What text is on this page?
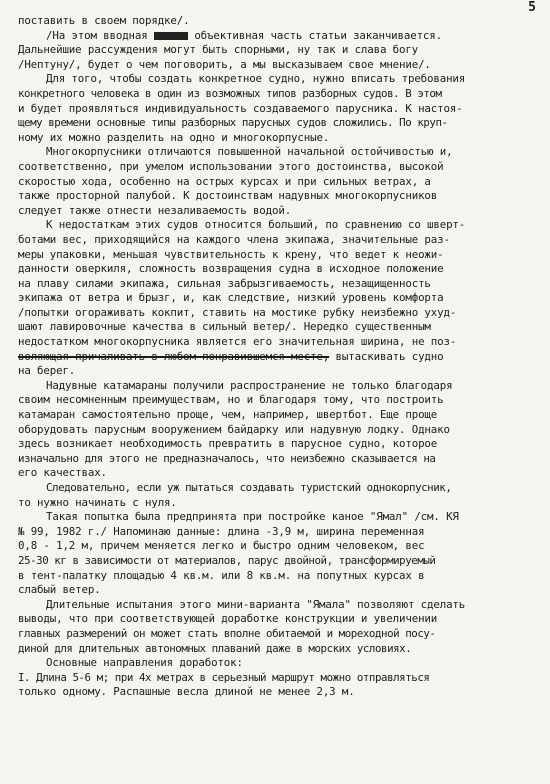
5

поставить в своем порядке/.

/На этом вводная	объективная часть статьи заканчивается.
Дальнейшие рассуждения могут быть спорными, ну так и слава богу
/Нептуну/, будет о чем поговорить, а мы высказываем свое мнение/.

Для того, чтобы создать конкретное судно, нужно вписать требования
конкретного человека в один из возможных типов разборных судов. В этом
и будет проявляться индивидуальность создаваемого парусника. К настоя-
щему времени основные типы разборных парусных судов сложились. По круп-
ному их можно разделить на одно и многокорпусные.

Многокорпусники отличаются повышенной начальной остойчивостью и,
соответственно, при умелом использовании этого достоинства, высокой
скоростью хода, особенно на острых курсах и при сильных ветрах, а
также просторной палубой. К достоинствам надувных многокорпусников
следует также отнести незаливаемость водой.

К недостаткам этих судов относится больший, по сравнению со шверт-
ботами вес, приходящийся на каждого члена экипажа, значительные раз-
меры упаковки, меньшая чувствительность к крену, что ведет к неожи-
данности оверкиля, сложность возвращения судна в исходное положение
на плаву силами экипажа, сильная забрызгиваемость, незащищенность
экипажа от ветра и брызг, и, как следствие, низкий уровень комфорта
/попытки огораживать кокпит, ставить на мостике рубку неизбежно ухуд-
шают лавировочные качества в сильный ветер/. Нередко существенным
недостатком многокорпусника является его значительная ширина, не поз-
воляющая причаливать в любом понравившемся месте, вытаскивать судно
на берег.

Надувные катамараны получили распространение не только благодаря
своим несомненным преимуществам, но и благодаря тому, что построить
катамаран самостоятельно проще, чем, например, швертбот. Еще проще
оборудовать парусным вооружением байдарку или надувную лодку. Однако
здесь возникает необходимость превратить в парусное судно, которое
изначально для этого не предназначалось, что неизбежно сказывается на
его качествах.

Следовательно, если уж пытаться создавать туристский однокорпусник,
то нужно начинать с нуля.

Такая попытка была предпринята при постройке каное "Ямал" /см. КЯ
№ 99, 1982 г./ Напоминаю данные: длина -3,9 м, ширина переменная
0,8 - 1,2 м, причем меняется легко и быстро одним человеком, вес
25-30 кг в зависимости от материалов, парус двойной, трансформируемый
в тент-палатку площадью 4 кв.м. или 8 кв.м. на попутных курсах в
слабый ветер.

Длительные испытания этого мини-варианта "Ямала" позволяют сделать
выводы, что при соответствующей доработке конструкции и увеличении
главных размерений он может стать вполне обитаемой и мореходной посу-
диной для длительных автономных плаваний даже в морских условиях.

Основные направления доработок:

I. Длина 5-6 м; при 4х метрах в серьезный маршрут можно отправляться
только одному. Распашные весла длиной не менее 2,3 м.
